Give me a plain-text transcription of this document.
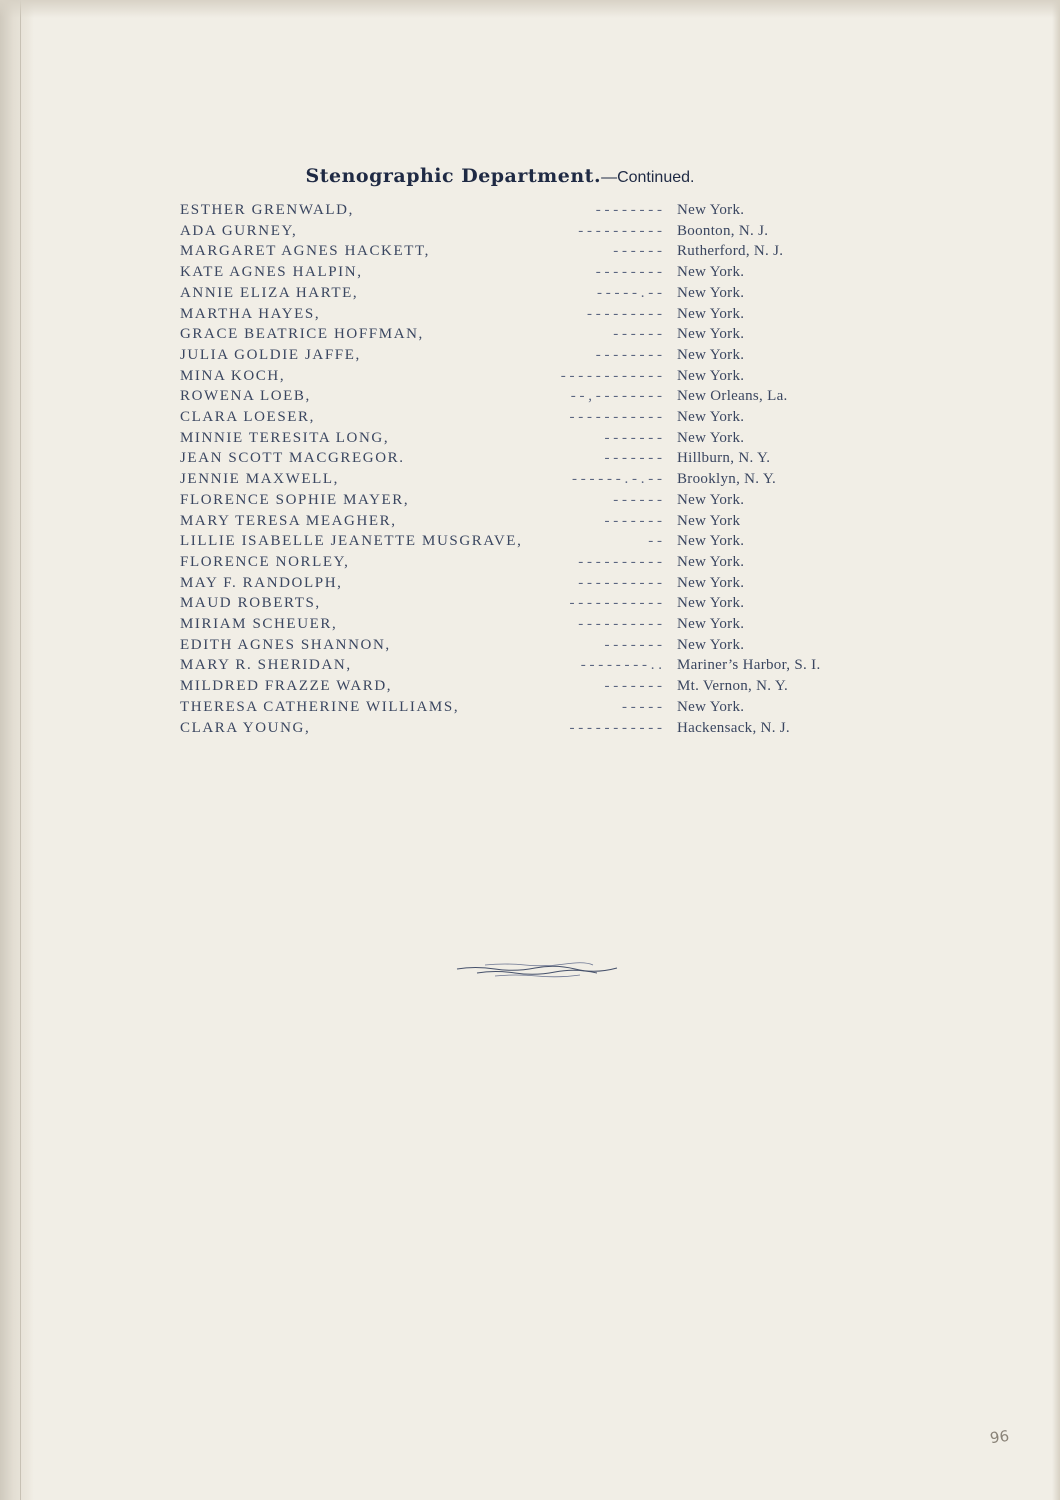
Stenographic Department.—Continued.
ESTHER GRENWALD,	- - - - - - - - New York.
ADA GURNEY,	- - - - - - - - - - Boonton, N. J.
MARGARET AGNES HACKETT,	- - - - - - Rutherford, N. J.
KATE AGNES HALPIN,	- - - - - - - - New York.
ANNIE ELIZA HARTE,	- - - - - . - - New York.
MARTHA HAYES,	- - - - - - - - - New York.
GRACE BEATRICE HOFFMAN,	- - - - - - New York.
JULIA GOLDIE JAFFE,	- - - - - - - - New York.
MINA KOCH,	- - - - - - - - - - - - New York.
ROWENA LOEB,	- - , - - - - - - - - New Orleans, La.
CLARA LOESER,	- - - - - - - - - - - New York.
MINNIE TERESITA LONG,	- - - - - - - New York.
JEAN SCOTT MACGREGOR.	- - - - - - - Hillburn, N. Y.
JENNIE MAXWELL,	- - - - - - . - . - - Brooklyn, N. Y.
FLORENCE SOPHIE MAYER,	- - - - - - New York.
MARY TERESA MEAGHER,	- - - - - - - New York
LILLIE ISABELLE JEANETTE MUSGRAVE,	- - New York.
FLORENCE NORLEY,	- - - - - - - - - - New York.
MAY F. RANDOLPH,	- - - - - - - - - - New York.
MAUD ROBERTS,	- - - - - - - - - - - New York.
MIRIAM SCHEUER,	- - - - - - - - - - New York.
EDITH AGNES SHANNON,	- - - - - - - New York.
MARY R. SHERIDAN,	- - - - - - - - . . Mariner’s Harbor, S. I.
MILDRED FRAZZE WARD,	- - - - - - - Mt. Vernon, N. Y.
THERESA CATHERINE WILLIAMS,	- - - - - New York.
CLARA YOUNG,	- - - - - - - - - - - Hackensack, N. J.
96
